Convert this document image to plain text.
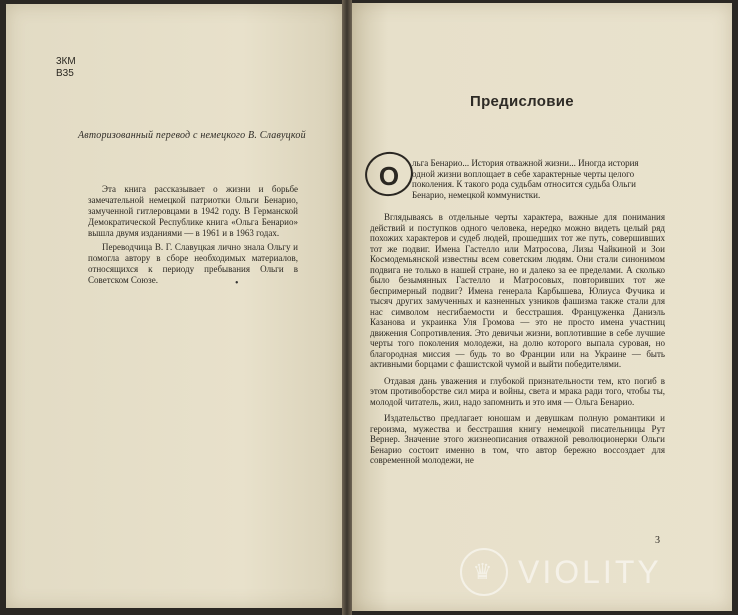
3КМ
В35
Авторизованный перевод с немецкого В. Славуцкой

Эта книга рассказывает о жизни и борьбе замечательной немецкой патриотки Ольги Бенарио, замученной гитлеровцами в 1942 году. В Германской Демократической Республике книга «Ольга Бенарио» вышла двумя изданиями — в 1961 и в 1963 годах.

Переводчица В. Г. Славуцкая лично знала Ольгу и помогла автору в сборе необходимых материалов, относящихся к периоду пребывания Ольги в Советском Союзе.	•
Предисловие
О	льга Бенарио... История отважной жизни... Иногда история одной жизни воплощает в себе характерные черты целого поколения. К такого рода судьбам относится судьба Ольги Бенарио, немецкой коммунистки.

Вглядываясь в отдельные черты характера, важные для понимания действий и поступков одного человека, нередко можно видеть целый ряд похожих характеров и судеб людей, прошедших тот же путь, совершивших тот же подвиг. Имена Гастелло или Матросова, Лизы Чайкиной и Зои Космодемьянской известны всем советским людям. Они стали синонимом подвига не только в нашей стране, но и далеко за ее пределами. А сколько было безымянных Гастелло и Матросовых, повторивших тот же беспримерный подвиг? Имена генерала Карбышева, Юлиуса Фучика и тысяч других замученных и казненных узников фашизма также стали для нас символом несгибаемости и бесстрашия. Француженка Даниэль Казанова и украинка Уля Громова — это не просто имена участниц движения Сопротивления. Это девичьи жизни, воплотившие в себе лучшие черты того поколения молодежи, на долю которого выпала суровая, но благородная миссия — будь то во Франции или на Украине — быть активными борцами с фашистской чумой и выйти победителями.

Отдавая дань уважения и глубокой признательности тем, кто погиб в этом противоборстве сил мира и войны, света и мрака ради того, чтобы ты, молодой читатель, жил, надо запомнить и это имя — Ольга Бенарио.

Издательство предлагает юношам и девушкам полную романтики и героизма, мужества и бесстрашия книгу немецкой писательницы Рут Вернер. Значение этого жизнеописания отважной революционерки Ольги Бенарио состоит именно в том, что автор бережно воссоздает для современной молодежи, не

3
♛ VIOLITY
